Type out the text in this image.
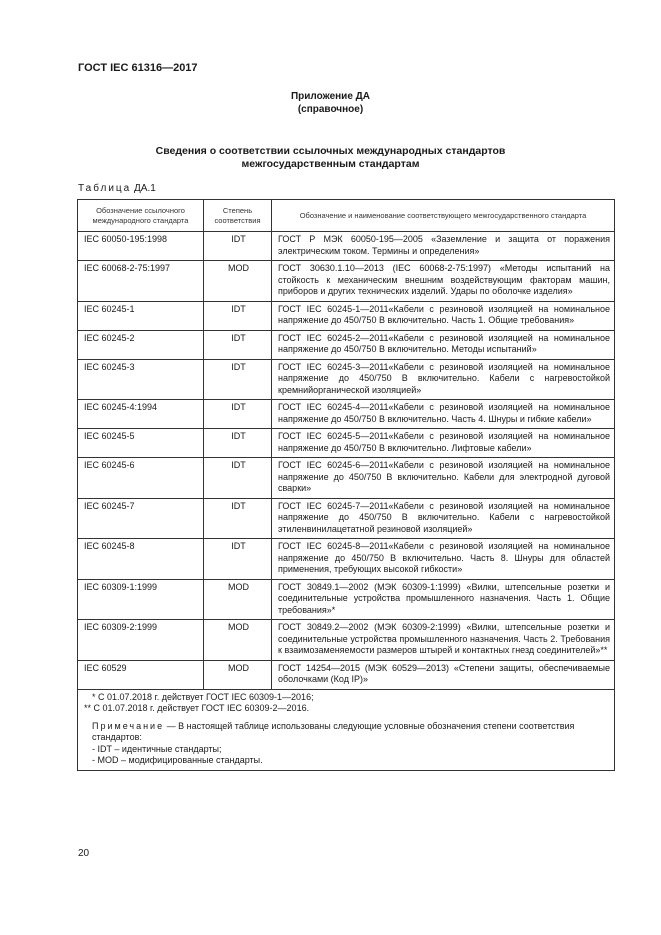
ГОСТ IEC 61316—2017
Приложение ДА
(справочное)
Сведения о соответствии ссылочных международных стандартов
межгосударственным стандартам
Таблица ДА.1
Обозначение ссылочного международного стандарта	Степень соответствия	Обозначение и наименование соответствующего межгосударственного стандарта
IEC 60050-195:1998	IDT	ГОСТ Р МЭК 60050-195—2005 «Заземление и защита от поражения электрическим током. Термины и определения»
IEC 60068-2-75:1997	MOD	ГОСТ 30630.1.10—2013 (IEC 60068-2-75:1997) «Методы испытаний на стойкость к механическим внешним воздействующим факторам машин, приборов и других технических изделий. Удары по оболочке изделия»
IEC 60245-1	IDT	ГОСТ IEC 60245-1—2011«Кабели с резиновой изоляцией на номинальное напряжение до 450/750 В включительно. Часть 1. Общие требования»
IEC 60245-2	IDT	ГОСТ IEC 60245-2—2011«Кабели с резиновой изоляцией на номинальное напряжение до 450/750 В включительно. Методы испытаний»
IEC 60245-3	IDT	ГОСТ IEC 60245-3—2011«Кабели с резиновой изоляцией на номинальное напряжение до 450/750 В включительно. Кабели с нагревостойкой кремнийорганической изоляцией»
IEC 60245-4:1994	IDT	ГОСТ IEC 60245-4—2011«Кабели с резиновой изоляцией на номинальное напряжение до 450/750 В включительно. Часть 4. Шнуры и гибкие кабели»
IEC 60245-5	IDT	ГОСТ IEC 60245-5—2011«Кабели с резиновой изоляцией на номинальное напряжение до 450/750 В включительно. Лифтовые кабели»
IEC 60245-6	IDT	ГОСТ IEC 60245-6—2011«Кабели с резиновой изоляцией на номинальное напряжение до 450/750 В включительно. Кабели для электродной дуговой сварки»
IEC 60245-7	IDT	ГОСТ IEC 60245-7—2011«Кабели с резиновой изоляцией на номинальное напряжение до 450/750 В включительно. Кабели с нагревостойкой этиленвинилацетатной резиновой изоляцией»
IEC 60245-8	IDT	ГОСТ IEC 60245-8—2011«Кабели с резиновой изоляцией на номинальное напряжение до 450/750 В включительно. Часть 8. Шнуры для областей применения, требующих высокой гибкости»
IEC 60309-1:1999	MOD	ГОСТ 30849.1—2002 (МЭК 60309-1:1999) «Вилки, штепсельные розетки и соединительные устройства промышленного назначения. Часть 1. Общие требования»*
IEC 60309-2:1999	MOD	ГОСТ 30849.2—2002 (МЭК 60309-2:1999) «Вилки, штепсельные розетки и соединительные устройства промышленного назначения. Часть 2. Требования к взаимозаменяемости размеров штырей и контактных гнезд соединителей»**
IEC 60529	MOD	ГОСТ 14254—2015 (МЭК 60529—2013) «Степени защиты, обеспечиваемые оболочками (Код IP)»

* С 01.07.2018 г. действует ГОСТ IEC 60309-1—2016;
** С 01.07.2018 г. действует ГОСТ IEC 60309-2—2016.
Примечание — В настоящей таблице использованы следующие условные обозначения степени соответствия стандартов:
- IDT – идентичные стандарты;
- MOD – модифицированные стандарты.		
20
